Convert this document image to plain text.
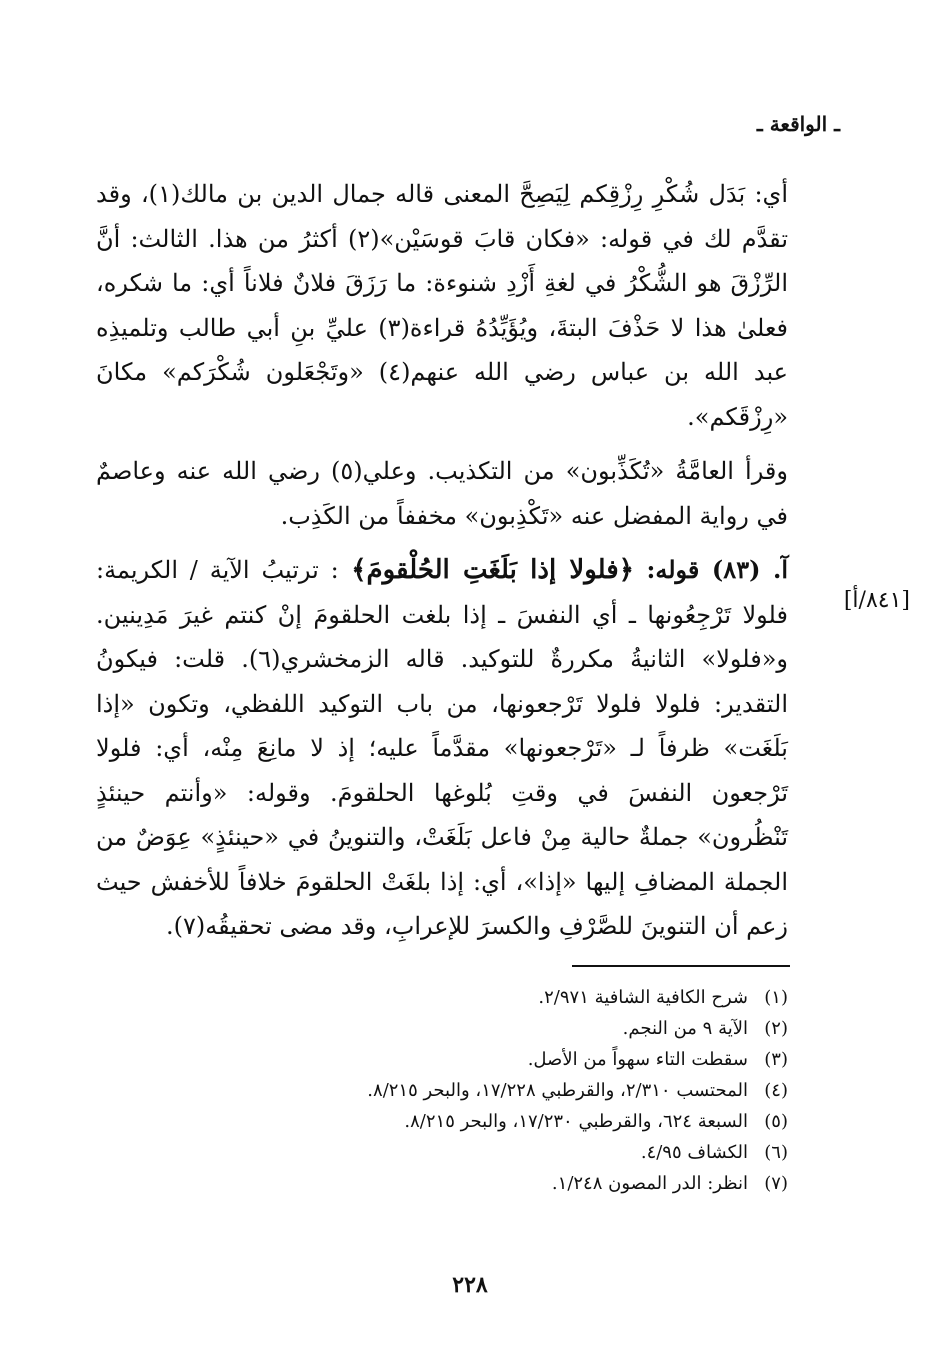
ـ الواقعة ـ

أي: بَدَل شُكْرِ رِزْقِكم لِيَصِحَّ المعنى قاله جمال الدين بن مالك(١)، وقد تقدَّم لك في قوله: «فكان قابَ قوسَيْن»(٢) أكثرُ من هذا. الثالث: أنَّ الرِّزْقَ هو الشُّكْرُ في لغةِ أَزْدِ شنوءة: ما رَزَقَ فلانٌ فلاناً أي: ما شكره، فعلىٰ هذا لا حَذْفَ البتةَ، ويُؤَيِّدُهُ قراءة(٣) عليِّ بنِ أبي طالب وتلميذِه عبد الله بن عباس رضي الله عنهم(٤) «وتَجْعَلون شُكْرَكم» مكانَ «رِزْقَكم».

وقرأ العامَّةُ «تُكَذِّبون» من التكذيب. وعلي(٥) رضي الله عنه وعاصمٌ في رواية المفضل عنه «تَكْذِبون» مخففاً من الكَذِب.

آ. (٨٣) قوله: ﴿فلولا إذا بَلَغَتِ الحُلْقومَ﴾ : ترتيبُ الآية / الكريمة: فلولا تَرْجِعُونها ـ أي النفسَ ـ إذا بلغت الحلقومَ إنْ كنتم غيرَ مَدِينين. و«فلولا» الثانيةُ مكررةٌ للتوكيد. قاله الزمخشري(٦). قلت: فيكونُ التقدير: فلولا فلولا تَرْجعونها، من باب التوكيد اللفظي، وتكون «إذا بَلَغَت» ظرفاً لـ «تَرْجعونها» مقدَّماً عليه؛ إذ لا مانِعَ مِنْه، أي: فلولا تَرْجعون النفسَ في وقتِ بُلوغها الحلقومَ. وقوله: «وأنتم حينئذٍ تَنْظُرون» جملةٌ حالية مِنْ فاعل بَلَغَتْ، والتنوينُ في «حينئذٍ» عِوَضٌ من الجملة المضافِ إليها «إذا»، أي: إذا بلغَتْ الحلقومَ خلافاً للأخفش حيث زعم أن التنوينَ للصَّرْفِ والكسرَ للإعرابِ، وقد مضى تحقيقُه(٧).

[٨٤١/أ]
(١)شرح الكافية الشافية ٢/٩٧١.
(٢)الآية ٩ من النجم.
(٣)سقطت التاء سهواً من الأصل.
(٤)المحتسب ٢/٣١٠، والقرطبي ١٧/٢٢٨، والبحر ٨/٢١٥.
(٥)السبعة ٦٢٤، والقرطبي ١٧/٢٣٠، والبحر ٨/٢١٥.
(٦)الكشاف ٤/٩٥.
(٧)انظر: الدر المصون ١/٢٤٨.
٢٢٨
